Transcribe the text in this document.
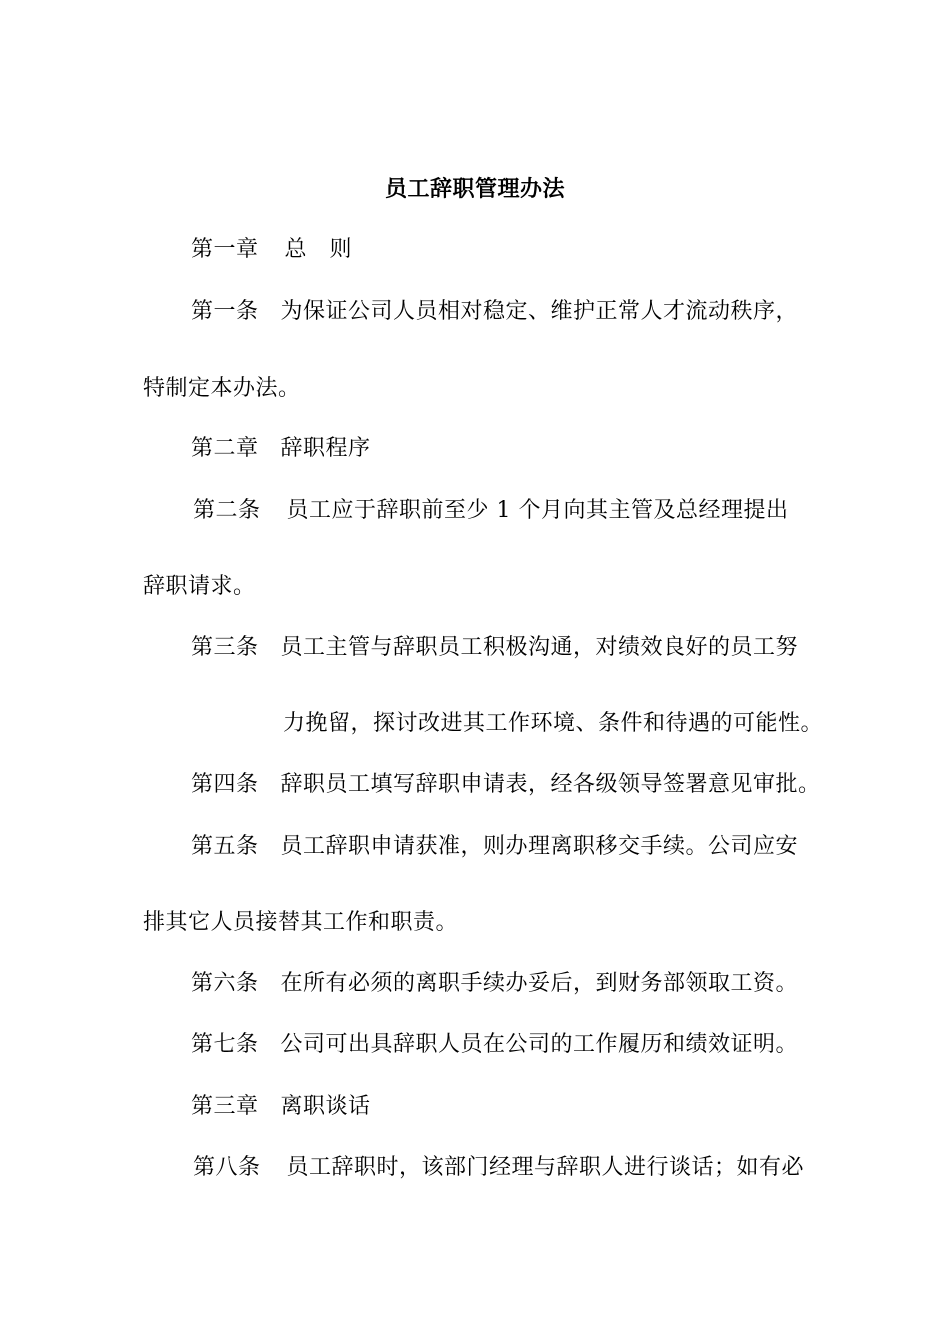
员工辞职管理办法
第一章 总　则
第一条 为保证公司人员相对稳定、维护正常人才流动秩序，
特制定本办法。
第二章 辞职程序
第二条 员工应于辞职前至少 1 个月向其主管及总经理提出
辞职请求。
第三条 员工主管与辞职员工积极沟通，对绩效良好的员工努
力挽留，探讨改进其工作环境、条件和待遇的可能性。
第四条 辞职员工填写辞职申请表，经各级领导签署意见审批。
第五条 员工辞职申请获准，则办理离职移交手续。公司应安
排其它人员接替其工作和职责。
第六条 在所有必须的离职手续办妥后，到财务部领取工资。
第七条 公司可出具辞职人员在公司的工作履历和绩效证明。
第三章 离职谈话
第八条 员工辞职时，该部门经理与辞职人进行谈话；如有必
